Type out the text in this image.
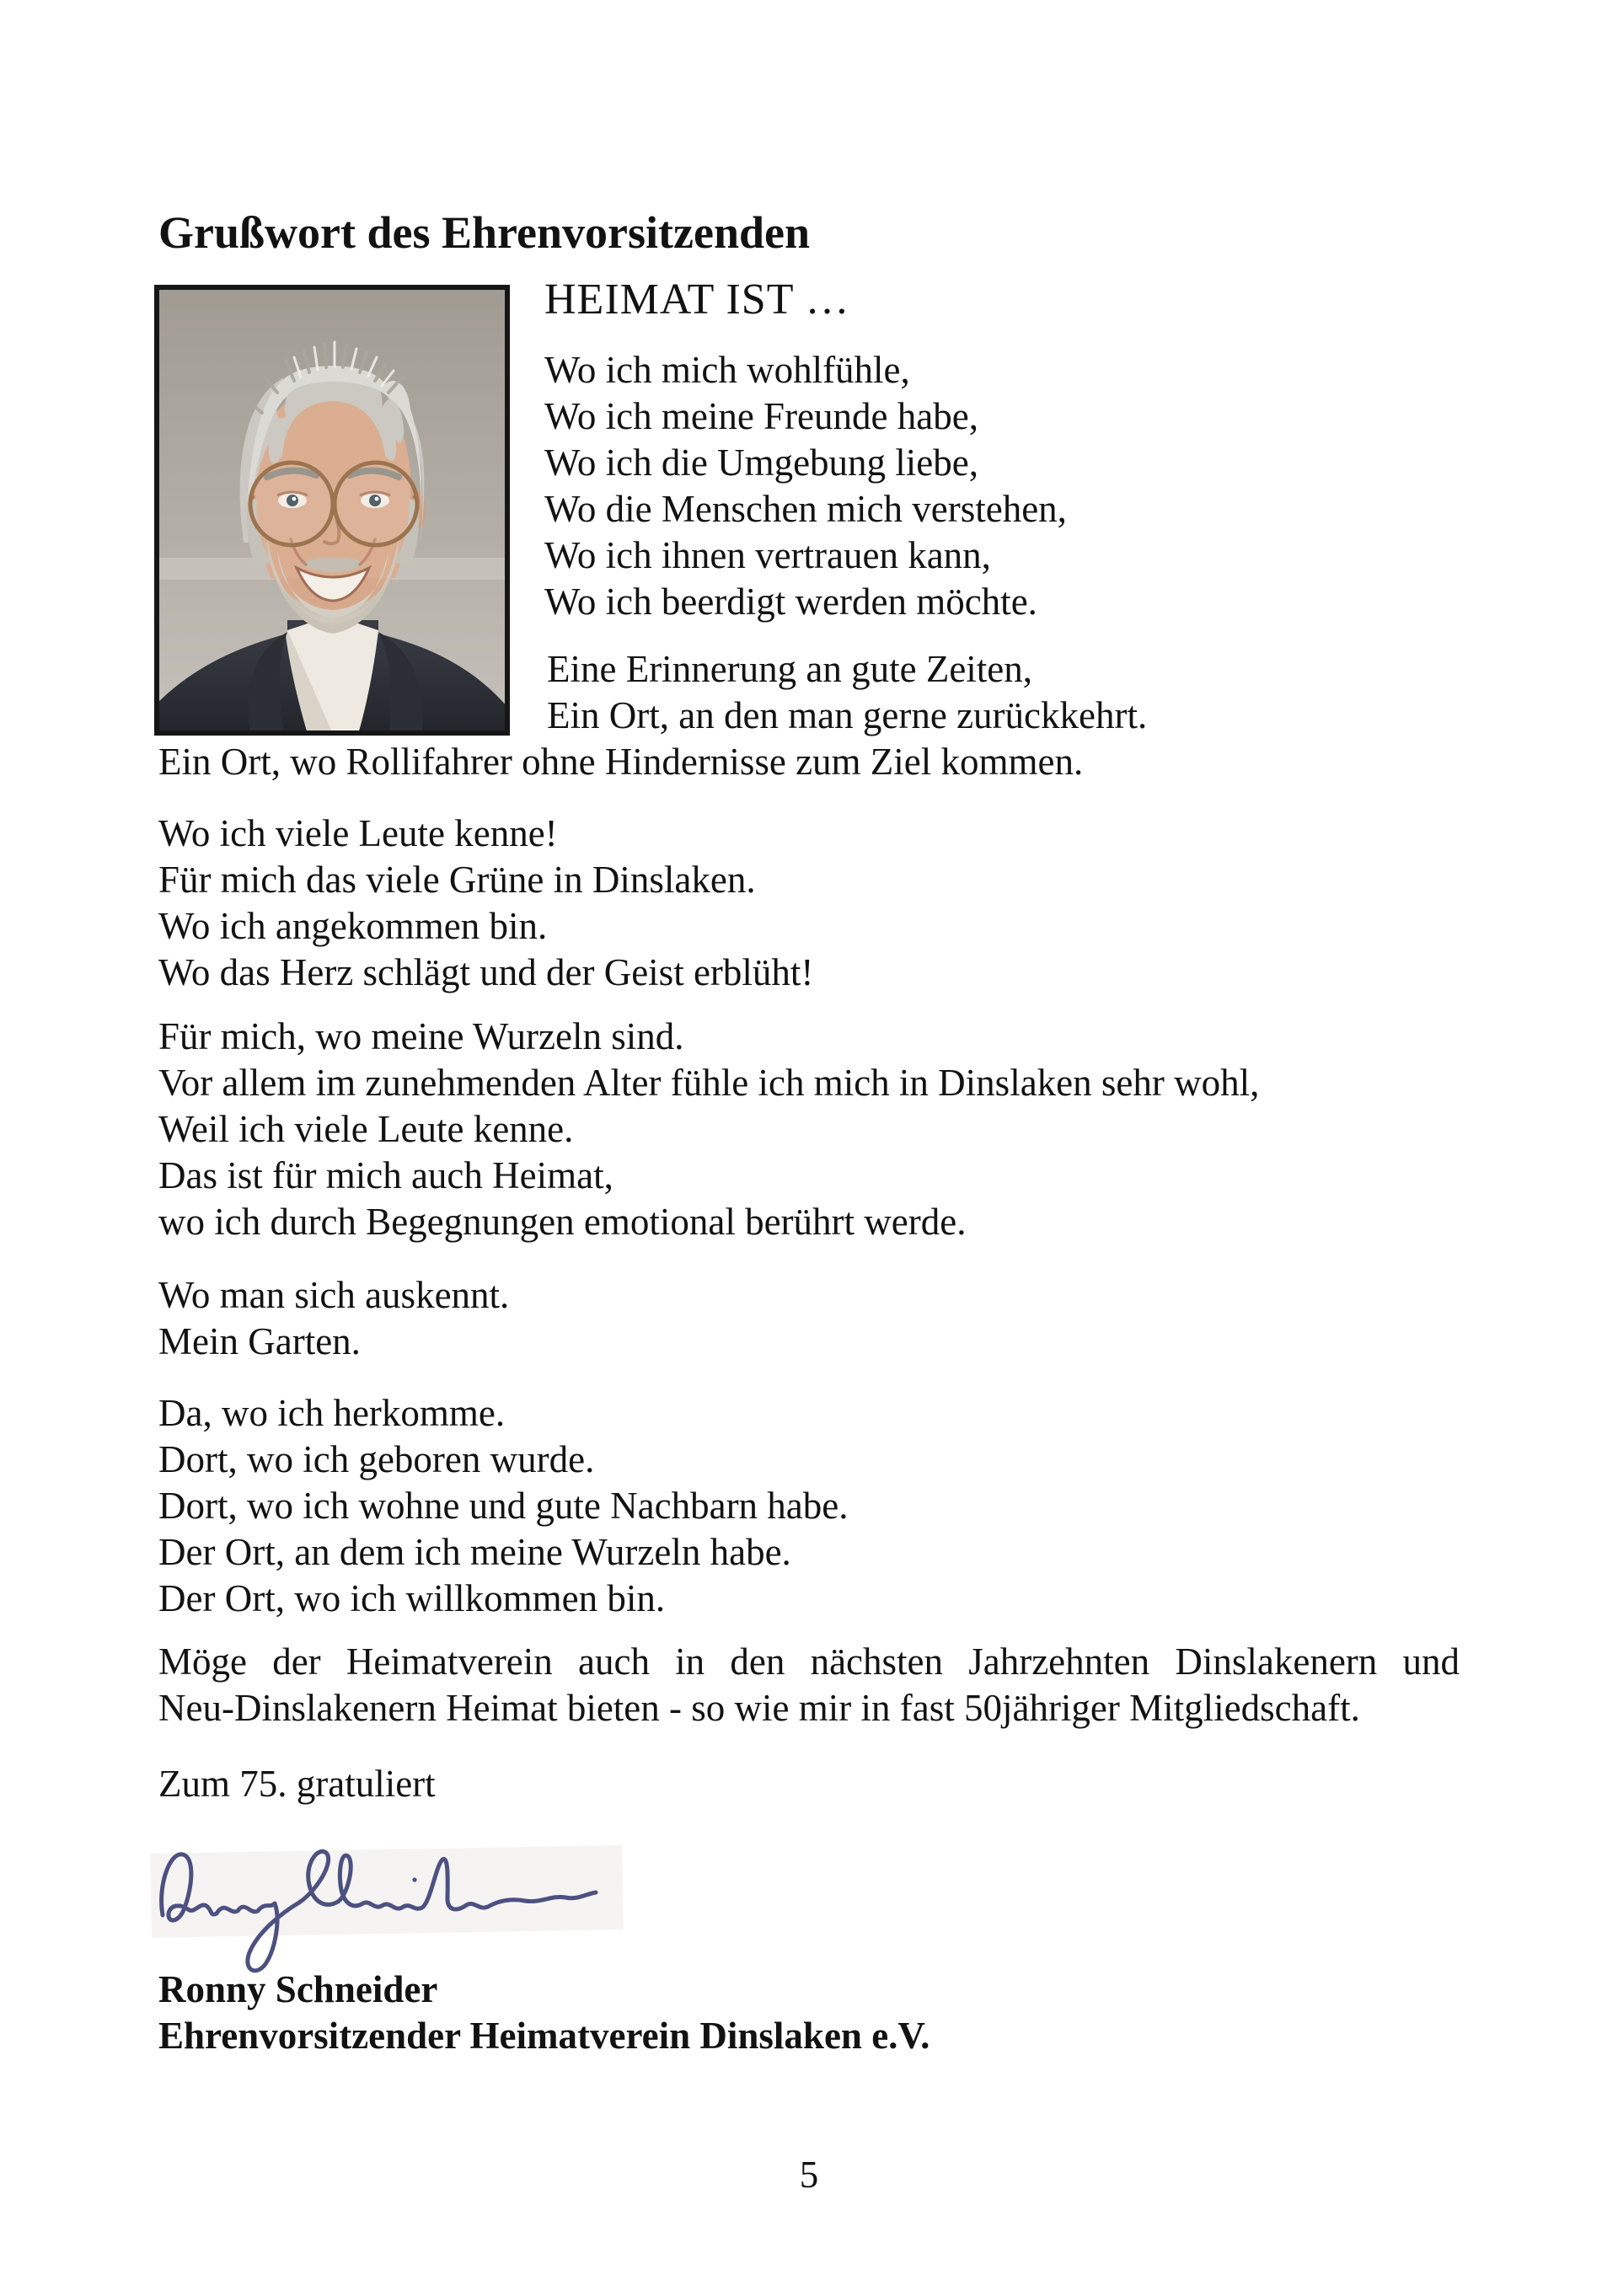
Grußwort des Ehrenvorsitzenden
HEIMAT IST …
Wo ich mich wohlfühle,
Wo ich meine Freunde habe,
Wo ich die Umgebung liebe,
Wo die Menschen mich verstehen,
Wo ich ihnen vertrauen kann,
Wo ich beerdigt werden möchte.
Eine Erinnerung an gute Zeiten,
Ein Ort, an den man gerne zurückkehrt.
Ein Ort, wo Rollifahrer ohne Hindernisse zum Ziel kommen.
Wo ich viele Leute kenne!
Für mich das viele Grüne in Dinslaken.
Wo ich angekommen bin.
Wo das Herz schlägt und der Geist erblüht!
Für mich, wo meine Wurzeln sind.
Vor allem im zunehmenden Alter fühle ich mich in Dinslaken sehr wohl,
Weil ich viele Leute kenne.
Das ist für mich auch Heimat,
wo ich durch Begegnungen emotional berührt werde.
Wo man sich auskennt.
Mein Garten.
Da, wo ich herkomme.
Dort, wo ich geboren wurde.
Dort, wo ich wohne und gute Nachbarn habe.
Der Ort, an dem ich meine Wurzeln habe.
Der Ort, wo ich willkommen bin.
Möge der Heimatverein auch in den nächsten Jahrzehnten Dinslakenern und
Neu-Dinslakenern Heimat bieten - so wie mir in fast 50jähriger Mitgliedschaft.
Zum 75. gratuliert
Ronny Schneider
Ehrenvorsitzender Heimatverein Dinslaken e.V.
5
